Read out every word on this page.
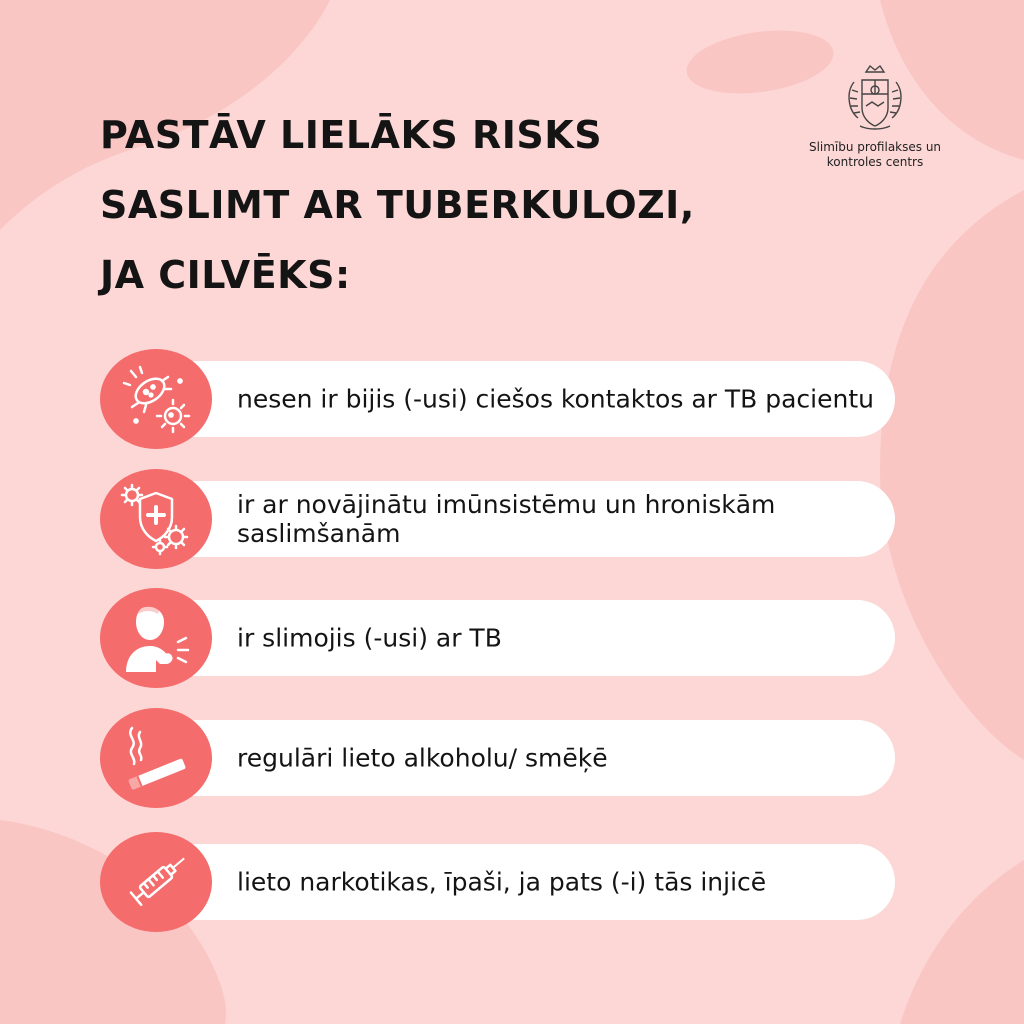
Slimību profilakses un
kontroles centrs
PASTĀV LIELĀKS RISKS
SASLIMT AR TUBERKULOZI,
JA CILVĒKS:
nesen ir bijis (-usi) ciešos kontaktos ar TB pacientu
ir ar novājinātu imūnsistēmu un hroniskām saslimšanām
ir slimojis (-usi) ar TB
regulāri lieto alkoholu/ smēķē
lieto narkotikas, īpaši, ja pats (-i) tās injicē
